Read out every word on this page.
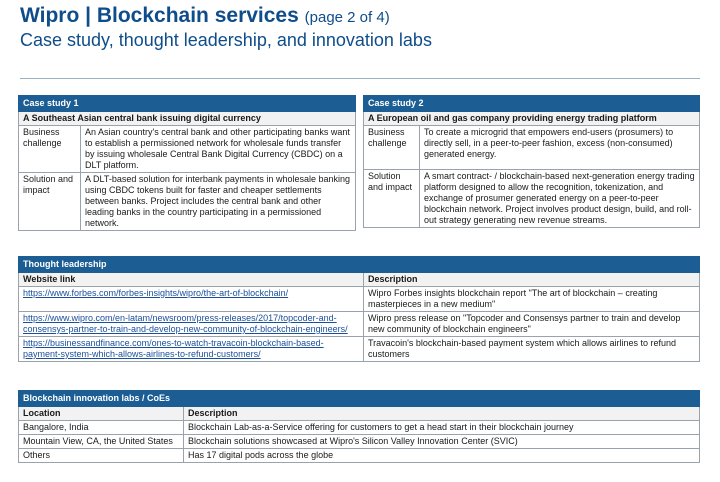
Wipro | Blockchain services (page 2 of 4)
Case study, thought leadership, and innovation labs
Case study 1	
A Southeast Asian central bank issuing digital currency	
Business challenge	An Asian country's central bank and other participating banks want to establish a permissioned network for wholesale funds transfer by issuing wholesale Central Bank Digital Currency (CBDC) on a DLT platform.
Solution and impact	A DLT-based solution for interbank payments in wholesale banking using CBDC tokens built for faster and cheaper settlements between banks. Project includes the central bank and other leading banks in the country participating in a permissioned network.
Case study 2	
A European oil and gas company providing energy trading platform	
Business challenge	To create a microgrid that empowers end-users (prosumers) to directly sell, in a peer-to-peer fashion, excess (non-consumed) generated energy.
Solution and impact	A smart contract- / blockchain-based next-generation energy trading platform designed to allow the recognition, tokenization, and exchange of prosumer generated energy on a peer-to-peer blockchain network. Project involves product design, build, and roll-out strategy generating new revenue streams.
Thought leadership	
Website link	Description
https://www.forbes.com/forbes-insights/wipro/the-art-of-blockchain/	Wipro Forbes insights blockchain report "The art of blockchain – creating masterpieces in a new medium"
https://www.wipro.com/en-latam/newsroom/press-releases/2017/topcoder-and-consensys-partner-to-train-and-develop-new-community-of-blockchain-engineers/	Wipro press release on "Topcoder and Consensys partner to train and develop new community of blockchain engineers"
https://businessandfinance.com/ones-to-watch-travacoin-blockchain-based-payment-system-which-allows-airlines-to-refund-customers/	Travacoin's blockchain-based payment system which allows airlines to refund customers
Blockchain innovation labs / CoEs	
Location	Description
Bangalore, India	Blockchain Lab-as-a-Service offering for customers to get a head start in their blockchain journey
Mountain View, CA, the United States	Blockchain solutions showcased at Wipro's Silicon Valley Innovation Center (SVIC)
Others	Has 17 digital pods across the globe
